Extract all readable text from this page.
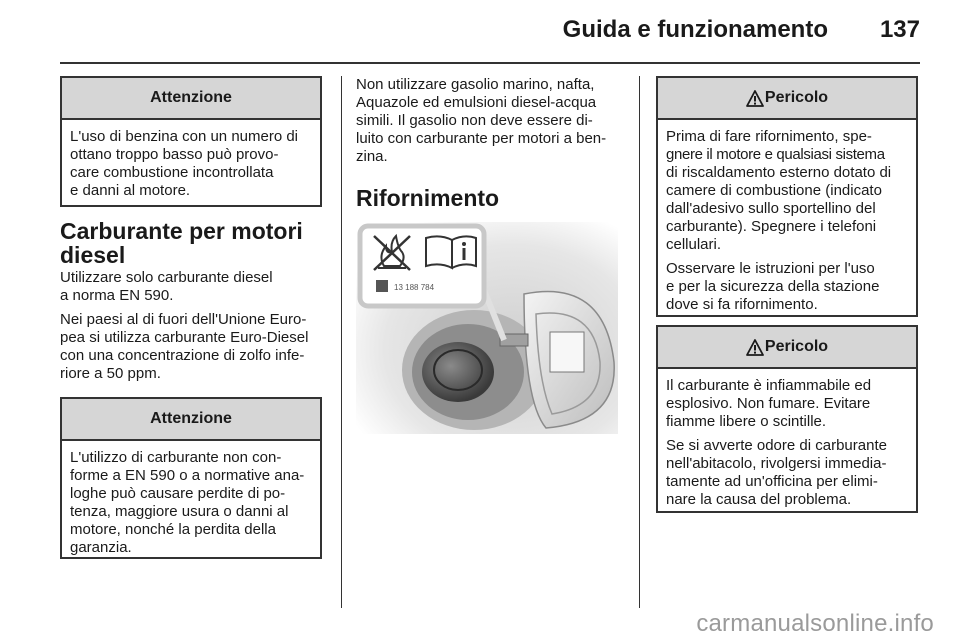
Guida e funzionamento 137
Attenzione

L'uso di benzina con un numero di
ottano troppo basso può provo-
care combustione incontrollata
e danni al motore.

Carburante per motori
diesel

Utilizzare solo carburante diesel
a norma EN 590.

Nei paesi al di fuori dell'Unione Euro-
pea si utilizza carburante Euro-Diesel
con una concentrazione di zolfo infe-
riore a 50 ppm.

Attenzione

L'utilizzo di carburante non con-
forme a EN 590 o a normative ana-
loghe può causare perdite di po-
tenza, maggiore usura o danni al
motore, nonché la perdita della
garanzia.

Non utilizzare gasolio marino, nafta,
Aquazole ed emulsioni diesel-acqua
simili. Il gasolio non deve essere di-
luito con carburante per motori a ben-
zina.

Rifornimento
13 188 784
Pericolo

Prima di fare rifornimento, spe-
gnere il motore e qualsiasi sistema
di riscaldamento esterno dotato di
camere di combustione (indicato
dall'adesivo sullo sportellino del
carburante). Spegnere i telefoni
cellulari.

Osservare le istruzioni per l'uso
e per la sicurezza della stazione
dove si fa rifornimento.

Pericolo

Il carburante è infiammabile ed
esplosivo. Non fumare. Evitare
fiamme libere o scintille.

Se si avverte odore di carburante
nell'abitacolo, rivolgersi immedia-
tamente ad un'officina per elimi-
nare la causa del problema.

carmanualsonline.info
